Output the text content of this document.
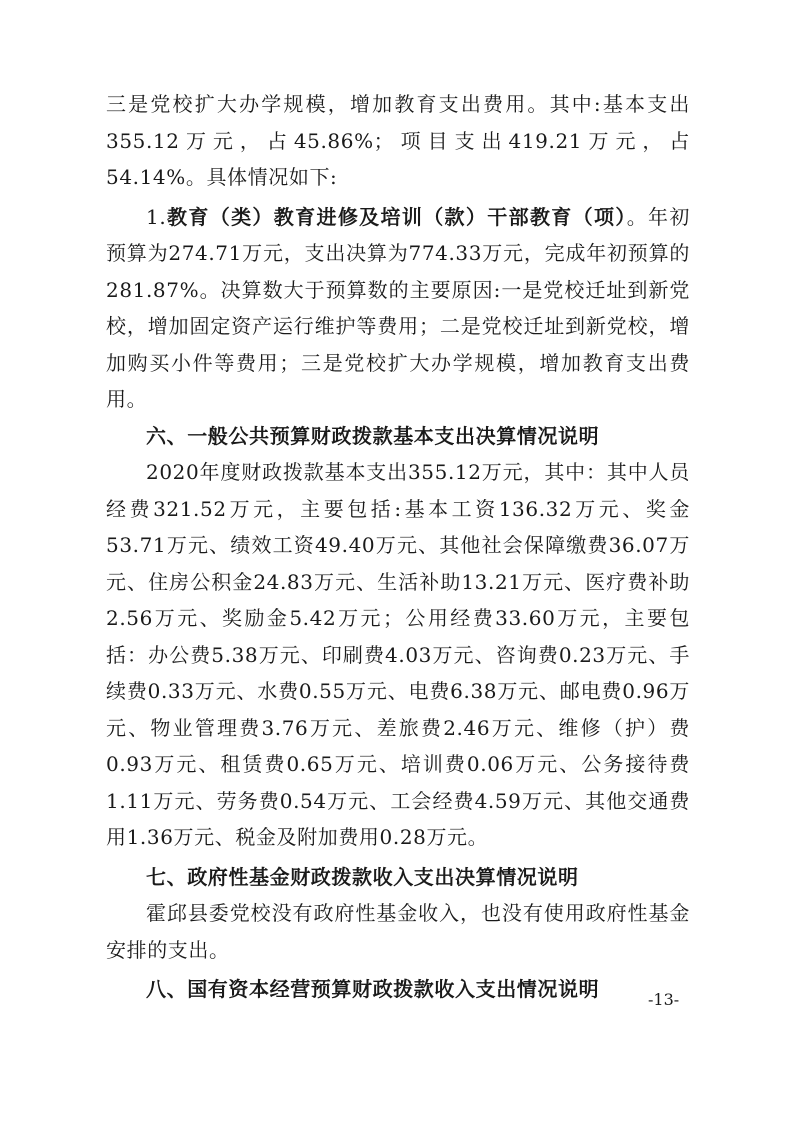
三是党校扩大办学规模，增加教育支出费用。其中:基本支出355.12万元，占45.86%；项目支出419.21万元，占54.14%。具体情况如下:

1.教育（类）教育进修及培训（款）干部教育（项）。年初预算为274.71万元，支出决算为774.33万元，完成年初预算的281.87%。决算数大于预算数的主要原因:一是党校迁址到新党校，增加固定资产运行维护等费用；二是党校迁址到新党校，增加购买小件等费用；三是党校扩大办学规模，增加教育支出费用。

六、一般公共预算财政拨款基本支出决算情况说明

2020年度财政拨款基本支出355.12万元，其中：其中人员经费321.52万元，主要包括:基本工资136.32万元、奖金53.71万元、绩效工资49.40万元、其他社会保障缴费36.07万元、住房公积金24.83万元、生活补助13.21万元、医疗费补助2.56万元、奖励金5.42万元；公用经费33.60万元，主要包括：办公费5.38万元、印刷费4.03万元、咨询费0.23万元、手续费0.33万元、水费0.55万元、电费6.38万元、邮电费0.96万元、物业管理费3.76万元、差旅费2.46万元、维修（护）费0.93万元、租赁费0.65万元、培训费0.06万元、公务接待费1.11万元、劳务费0.54万元、工会经费4.59万元、其他交通费用1.36万元、税金及附加费用0.28万元。

七、政府性基金财政拨款收入支出决算情况说明

霍邱县委党校没有政府性基金收入，也没有使用政府性基金安排的支出。

八、国有资本经营预算财政拨款收入支出情况说明	-13-
